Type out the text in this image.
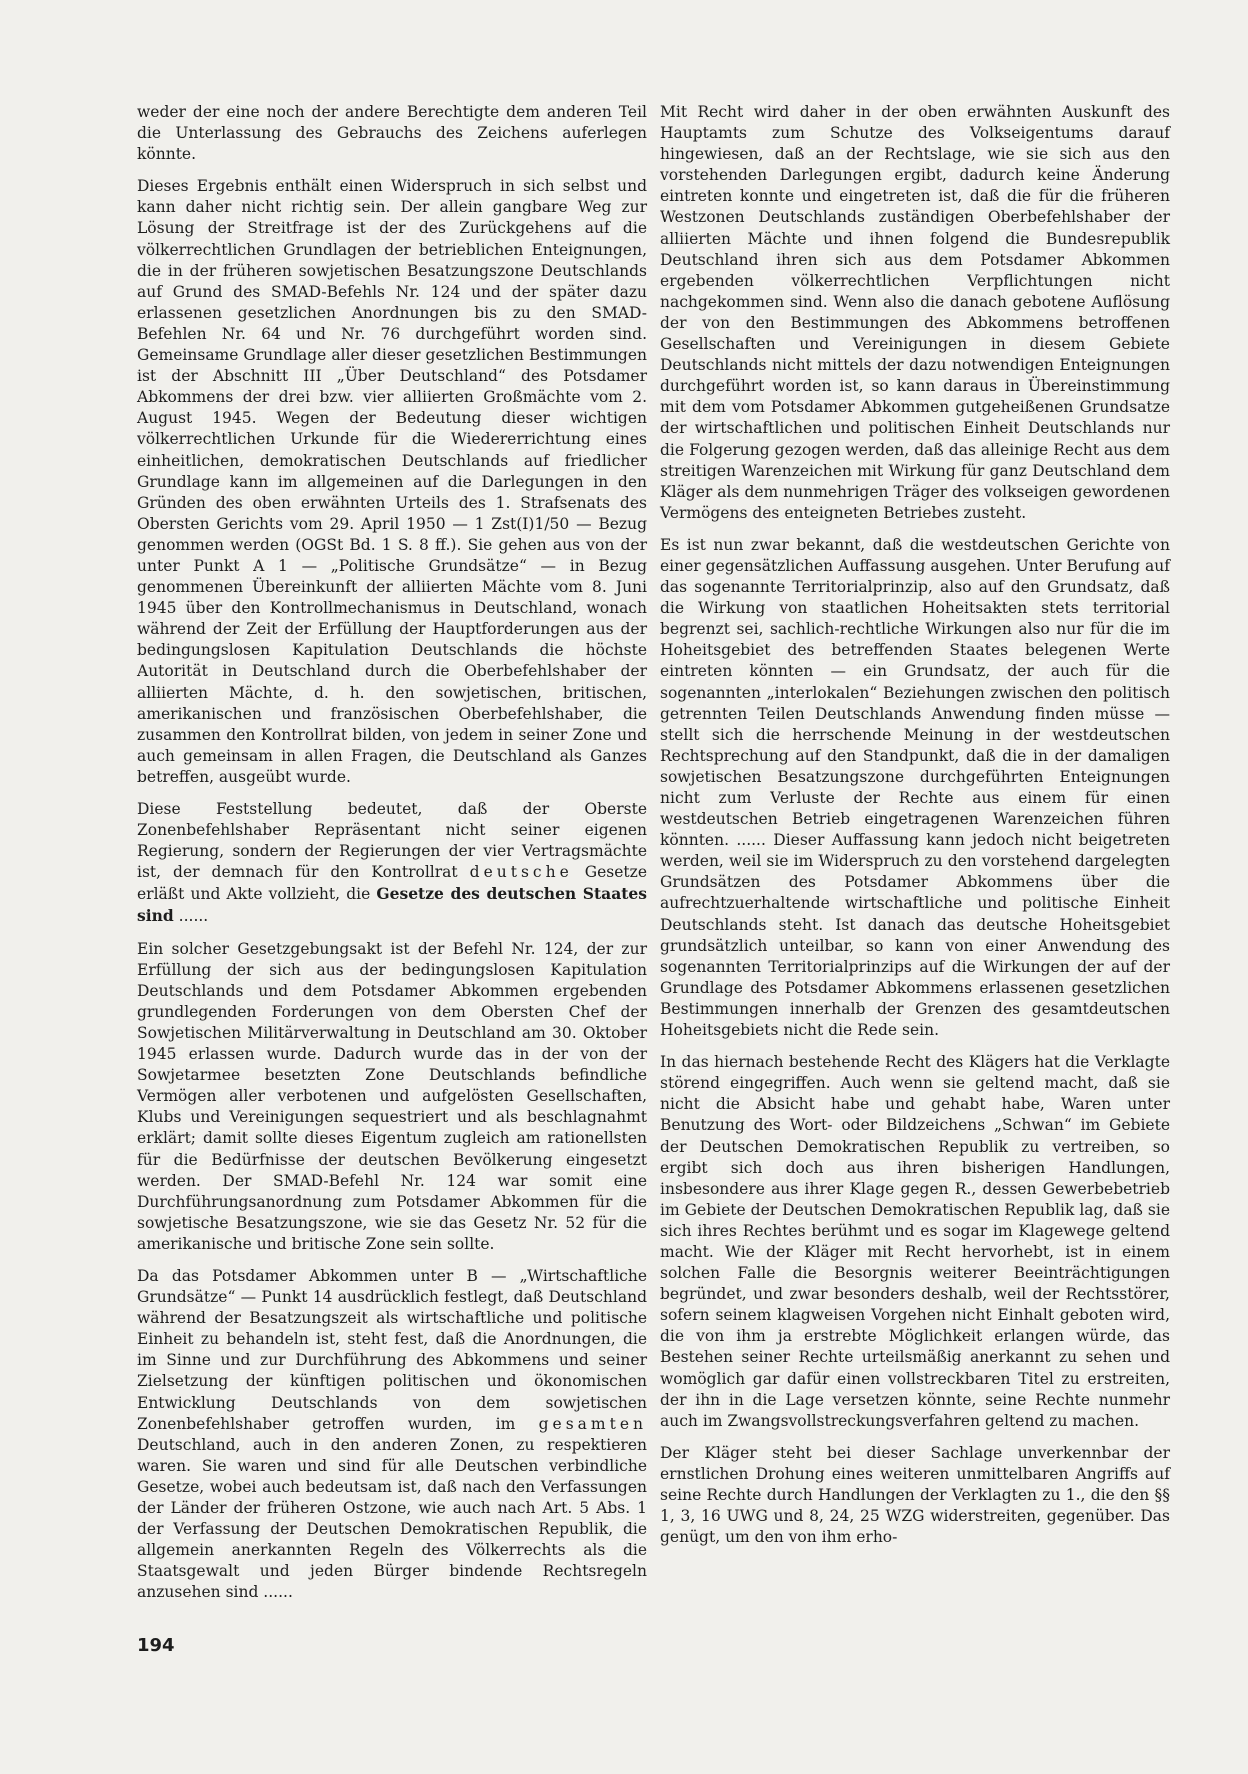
weder der eine noch der andere Berechtigte dem anderen Teil die Unterlassung des Gebrauchs des Zeichens auferlegen könnte.

Dieses Ergebnis enthält einen Widerspruch in sich selbst und kann daher nicht richtig sein. Der allein gangbare Weg zur Lösung der Streitfrage ist der des Zurückgehens auf die völkerrechtlichen Grundlagen der betrieblichen Enteignungen, die in der früheren sowjetischen Besatzungszone Deutschlands auf Grund des SMAD-Befehls Nr. 124 und der später dazu erlassenen gesetzlichen Anordnungen bis zu den SMAD-Befehlen Nr. 64 und Nr. 76 durchgeführt worden sind. Gemeinsame Grundlage aller dieser gesetzlichen Bestimmungen ist der Abschnitt III „Über Deutschland“ des Potsdamer Abkommens der drei bzw. vier alliierten Großmächte vom 2. August 1945. Wegen der Bedeutung dieser wichtigen völkerrechtlichen Urkunde für die Wiedererrichtung eines einheitlichen, demokratischen Deutschlands auf friedlicher Grundlage kann im allgemeinen auf die Darlegungen in den Gründen des oben erwähnten Urteils des 1. Strafsenats des Obersten Gerichts vom 29. April 1950 — 1 Zst(I)1/50 — Bezug genommen werden (OGSt Bd. 1 S. 8 ff.). Sie gehen aus von der unter Punkt A 1 — „Politische Grundsätze“ — in Bezug genommenen Übereinkunft der alliierten Mächte vom 8. Juni 1945 über den Kontrollmechanismus in Deutschland, wonach während der Zeit der Erfüllung der Hauptforderungen aus der bedingungslosen Kapitulation Deutschlands die höchste Autorität in Deutschland durch die Oberbefehlshaber der alliierten Mächte, d. h. den sowjetischen, britischen, amerikanischen und französischen Oberbefehlshaber, die zusammen den Kontrollrat bilden, von jedem in seiner Zone und auch gemeinsam in allen Fragen, die Deutschland als Ganzes betreffen, ausgeübt wurde.

Diese Feststellung bedeutet, daß der Oberste Zonenbefehlshaber Repräsentant nicht seiner eigenen Regierung, sondern der Regierungen der vier Vertragsmächte ist, der demnach für den Kontrollrat deutsche Gesetze erläßt und Akte vollzieht, die Gesetze des deutschen Staates sind ......

Ein solcher Gesetzgebungsakt ist der Befehl Nr. 124, der zur Erfüllung der sich aus der bedingungslosen Kapitulation Deutschlands und dem Potsdamer Abkommen ergebenden grundlegenden Forderungen von dem Obersten Chef der Sowjetischen Militärverwaltung in Deutschland am 30. Oktober 1945 erlassen wurde. Dadurch wurde das in der von der Sowjetarmee besetzten Zone Deutschlands befindliche Vermögen aller verbotenen und aufgelösten Gesellschaften, Klubs und Vereinigungen sequestriert und als beschlagnahmt erklärt; damit sollte dieses Eigentum zugleich am rationellsten für die Bedürfnisse der deutschen Bevölkerung eingesetzt werden. Der SMAD-Befehl Nr. 124 war somit eine Durchführungsanordnung zum Potsdamer Abkommen für die sowjetische Besatzungszone, wie sie das Gesetz Nr. 52 für die amerikanische und britische Zone sein sollte.

Da das Potsdamer Abkommen unter B — „Wirtschaftliche Grundsätze“ — Punkt 14 ausdrücklich festlegt, daß Deutschland während der Besatzungszeit als wirtschaftliche und politische Einheit zu behandeln ist, steht fest, daß die Anordnungen, die im Sinne und zur Durchführung des Abkommens und seiner Zielsetzung der künftigen politischen und ökonomischen Entwicklung Deutschlands von dem sowjetischen Zonenbefehlshaber getroffen wurden, im gesamten Deutschland, auch in den anderen Zonen, zu respektieren waren. Sie waren und sind für alle Deutschen verbindliche Gesetze, wobei auch bedeutsam ist, daß nach den Verfassungen der Länder der früheren Ostzone, wie auch nach Art. 5 Abs. 1 der Verfassung der Deutschen Demokratischen Republik, die allgemein anerkannten Regeln des Völkerrechts als die Staatsgewalt und jeden Bürger bindende Rechtsregeln anzusehen sind ......

Mit Recht wird daher in der oben erwähnten Auskunft des Hauptamts zum Schutze des Volkseigentums darauf hingewiesen, daß an der Rechtslage, wie sie sich aus den vorstehenden Darlegungen ergibt, dadurch keine Änderung eintreten konnte und eingetreten ist, daß die für die früheren Westzonen Deutschlands zuständigen Oberbefehlshaber der alliierten Mächte und ihnen folgend die Bundesrepublik Deutschland ihren sich aus dem Potsdamer Abkommen ergebenden völkerrechtlichen Verpflichtungen nicht nachgekommen sind. Wenn also die danach gebotene Auflösung der von den Bestimmungen des Abkommens betroffenen Gesellschaften und Vereinigungen in diesem Gebiete Deutschlands nicht mittels der dazu notwendigen Enteignungen durchgeführt worden ist, so kann daraus in Übereinstimmung mit dem vom Potsdamer Abkommen gutgeheißenen Grundsatze der wirtschaftlichen und politischen Einheit Deutschlands nur die Folgerung gezogen werden, daß das alleinige Recht aus dem streitigen Warenzeichen mit Wirkung für ganz Deutschland dem Kläger als dem nunmehrigen Träger des volkseigen gewordenen Vermögens des enteigneten Betriebes zusteht.

Es ist nun zwar bekannt, daß die westdeutschen Gerichte von einer gegensätzlichen Auffassung ausgehen. Unter Berufung auf das sogenannte Territorialprinzip, also auf den Grundsatz, daß die Wirkung von staatlichen Hoheitsakten stets territorial begrenzt sei, sachlich-rechtliche Wirkungen also nur für die im Hoheitsgebiet des betreffenden Staates belegenen Werte eintreten könnten — ein Grundsatz, der auch für die sogenannten „interlokalen“ Beziehungen zwischen den politisch getrennten Teilen Deutschlands Anwendung finden müsse — stellt sich die herrschende Meinung in der westdeutschen Rechtsprechung auf den Standpunkt, daß die in der damaligen sowjetischen Besatzungszone durchgeführten Enteignungen nicht zum Verluste der Rechte aus einem für einen westdeutschen Betrieb eingetragenen Warenzeichen führen könnten. ...... Dieser Auffassung kann jedoch nicht beigetreten werden, weil sie im Widerspruch zu den vorstehend dargelegten Grundsätzen des Potsdamer Abkommens über die aufrechtzuerhaltende wirtschaftliche und politische Einheit Deutschlands steht. Ist danach das deutsche Hoheitsgebiet grundsätzlich unteilbar, so kann von einer Anwendung des sogenannten Territorialprinzips auf die Wirkungen der auf der Grundlage des Potsdamer Abkommens erlassenen gesetzlichen Bestimmungen innerhalb der Grenzen des gesamtdeutschen Hoheitsgebiets nicht die Rede sein.

In das hiernach bestehende Recht des Klägers hat die Verklagte störend eingegriffen. Auch wenn sie geltend macht, daß sie nicht die Absicht habe und gehabt habe, Waren unter Benutzung des Wort- oder Bildzeichens „Schwan“ im Gebiete der Deutschen Demokratischen Republik zu vertreiben, so ergibt sich doch aus ihren bisherigen Handlungen, insbesondere aus ihrer Klage gegen R., dessen Gewerbebetrieb im Gebiete der Deutschen Demokratischen Republik lag, daß sie sich ihres Rechtes berühmt und es sogar im Klagewege geltend macht. Wie der Kläger mit Recht hervorhebt, ist in einem solchen Falle die Besorgnis weiterer Beeinträchtigungen begründet, und zwar besonders deshalb, weil der Rechtsstörer, sofern seinem klagweisen Vorgehen nicht Einhalt geboten wird, die von ihm ja erstrebte Möglichkeit erlangen würde, das Bestehen seiner Rechte urteilsmäßig anerkannt zu sehen und womöglich gar dafür einen vollstreckbaren Titel zu erstreiten, der ihn in die Lage versetzen könnte, seine Rechte nunmehr auch im Zwangsvollstreckungsverfahren geltend zu machen.

Der Kläger steht bei dieser Sachlage unverkennbar der ernstlichen Drohung eines weiteren unmittelbaren Angriffs auf seine Rechte durch Handlungen der Verklagten zu 1., die den §§ 1, 3, 16 UWG und 8, 24, 25 WZG widerstreiten, gegenüber. Das genügt, um den von ihm erho-

194
